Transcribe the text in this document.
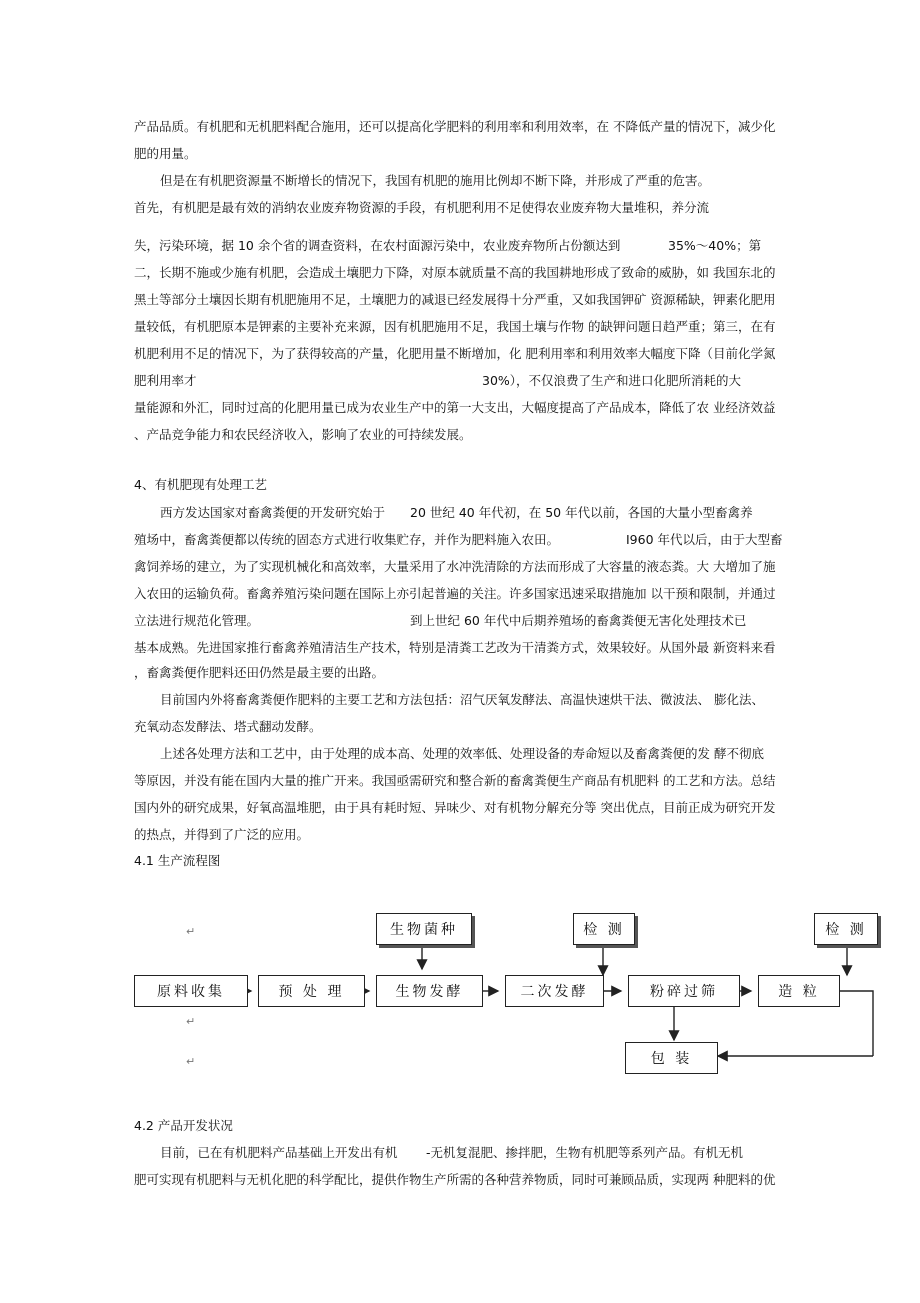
产品品质。有机肥和无机肥料配合施用，还可以提高化学肥料的利用率和利用效率，在 不降低产量的情况下，减少化
肥的用量。
但是在有机肥资源量不断增长的情况下，我国有机肥的施用比例却不断下降，并形成了严重的危害。
首先，有机肥是最有效的消纳农业废弃物资源的手段，有机肥利用不足使得农业废弃物大量堆积，养分流
失，污染环境，据 10 余个省的调查资料，在农村面源污染中，农业废弃物所占份额达到	35%～40%；第
二，长期不施或少施有机肥，会造成土壤肥力下降，对原本就质量不高的我国耕地形成了致命的威胁，如 我国东北的
黑土等部分土壤因长期有机肥施用不足，土壤肥力的减退已经发展得十分严重，又如我国钾矿 资源稀缺，钾素化肥用
量较低，有机肥原本是钾素的主要补充来源，因有机肥施用不足，我国土壤与作物 的缺钾问题日趋严重；第三，在有
机肥利用不足的情况下，为了获得较高的产量，化肥用量不断增加，化 肥利用率和利用效率大幅度下降（目前化学氮
肥利用率才	30%），不仅浪费了生产和进口化肥所消耗的大
量能源和外汇，同时过高的化肥用量已成为农业生产中的第一大支出，大幅度提高了产品成本，降低了农 业经济效益
、产品竞争能力和农民经济收入，影响了农业的可持续发展。
4、有机肥现有处理工艺
西方发达国家对畜禽粪便的开发研究始于 20 世纪 40 年代初，在 50 年代以前，各国的大量小型畜禽养
殖场中，畜禽粪便都以传统的固态方式进行收集贮存，并作为肥料施入农田。	I960 年代以后，由于大型畜
禽饲养场的建立，为了实现机械化和高效率，大量采用了水冲洗清除的方法而形成了大容量的液态粪。大 大增加了施
入农田的运输负荷。畜禽养殖污染问题在国际上亦引起普遍的关注。许多国家迅速采取措施加 以干预和限制，并通过
立法进行规范化管理。	到上世纪 60 年代中后期养殖场的畜禽粪便无害化处理技术已
基本成熟。先进国家推行畜禽养殖清洁生产技术，特别是清粪工艺改为干清粪方式，效果较好。从国外最 新资料来看
，畜禽粪便作肥料还田仍然是最主要的出路。
目前国内外将畜禽粪便作肥料的主要工艺和方法包括：沼气厌氧发酵法、高温快速烘干法、微波法、 膨化法、
充氧动态发酵法、塔式翻动发酵。
上述各处理方法和工艺中，由于处理的成本高、处理的效率低、处理设备的寿命短以及畜禽粪便的发 酵不彻底
等原因，并没有能在国内大量的推广开来。我国亟需研究和整合新的畜禽粪便生产商品有机肥料 的工艺和方法。总结
国内外的研究成果，好氧高温堆肥，由于具有耗时短、异味少、对有机物分解充分等 突出优点，目前正成为研究开发
的热点，并得到了广泛的应用。
4.1 生产流程图
生物菌种	检 测	检 测
原料收集	预 处 理	生物发酵	二次发酵	粉碎过筛	造 粒
包 装
↵
↵
↵
4.2 产品开发状况
目前，已在有机肥料产品基础上开发出有机 -无机复混肥、掺拌肥，生物有机肥等系列产品。有机无机
肥可实现有机肥料与无机化肥的科学配比，提供作物生产所需的各种营养物质，同时可兼顾品质，实现两 种肥料的优
